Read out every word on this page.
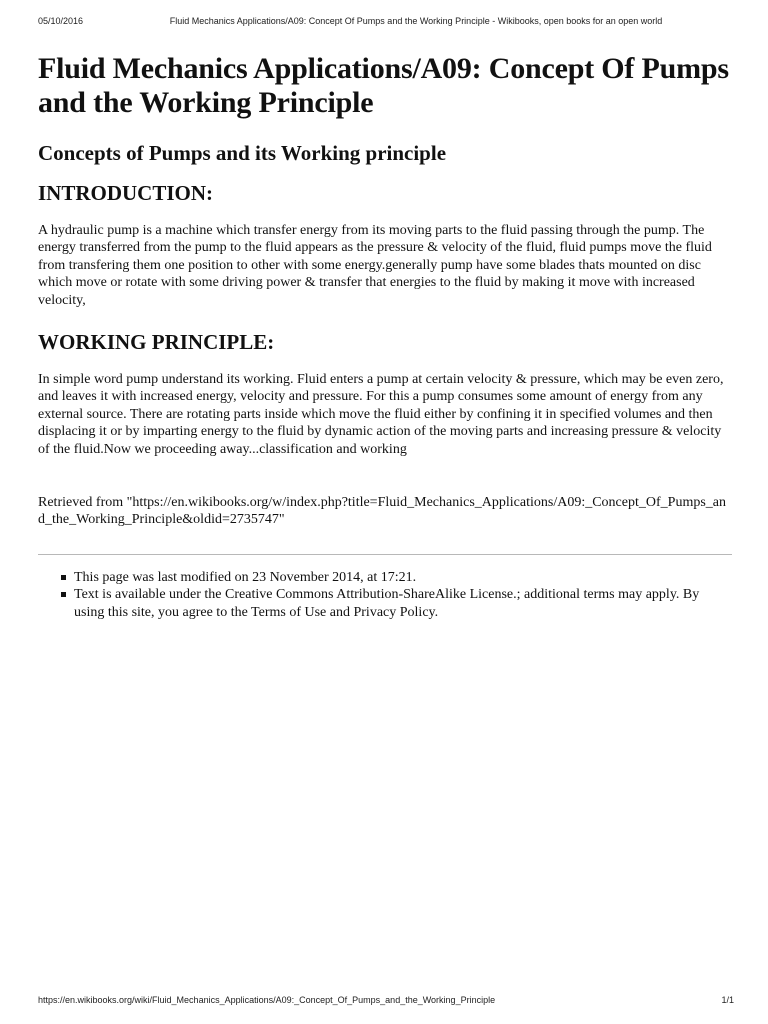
05/10/2016	Fluid Mechanics Applications/A09: Concept Of Pumps and the Working Principle - Wikibooks, open books for an open world
Fluid Mechanics Applications/A09: Concept Of Pumps and the Working Principle
Concepts of Pumps and its Working principle
INTRODUCTION:

A hydraulic pump is a machine which transfer energy from its moving parts to the fluid passing through the pump. The energy transferred from the pump to the fluid appears as the pressure & velocity of the fluid, fluid pumps move the fluid from transfering them one position to other with some energy.generally pump have some blades thats mounted on disc which move or rotate with some driving power & transfer that energies to the fluid by making it move with increased velocity,

WORKING PRINCIPLE:

In simple word pump understand its working. Fluid enters a pump at certain velocity & pressure, which may be even zero, and leaves it with increased energy, velocity and pressure. For this a pump consumes some amount of energy from any external source. There are rotating parts inside which move the fluid either by confining it in specified volumes and then displacing it or by imparting energy to the fluid by dynamic action of the moving parts and increasing pressure & velocity of the fluid.Now we proceeding away...classification and working

Retrieved from "https://en.wikibooks.org/w/index.php?title=Fluid_Mechanics_Applications/A09:_Concept_Of_Pumps_and_the_Working_Principle&oldid=2735747"

This page was last modified on 23 November 2014, at 17:21.
Text is available under the Creative Commons Attribution-ShareAlike License.; additional terms may apply. By using this site, you agree to the Terms of Use and Privacy Policy.
https://en.wikibooks.org/wiki/Fluid_Mechanics_Applications/A09:_Concept_Of_Pumps_and_the_Working_Principle	1/1
